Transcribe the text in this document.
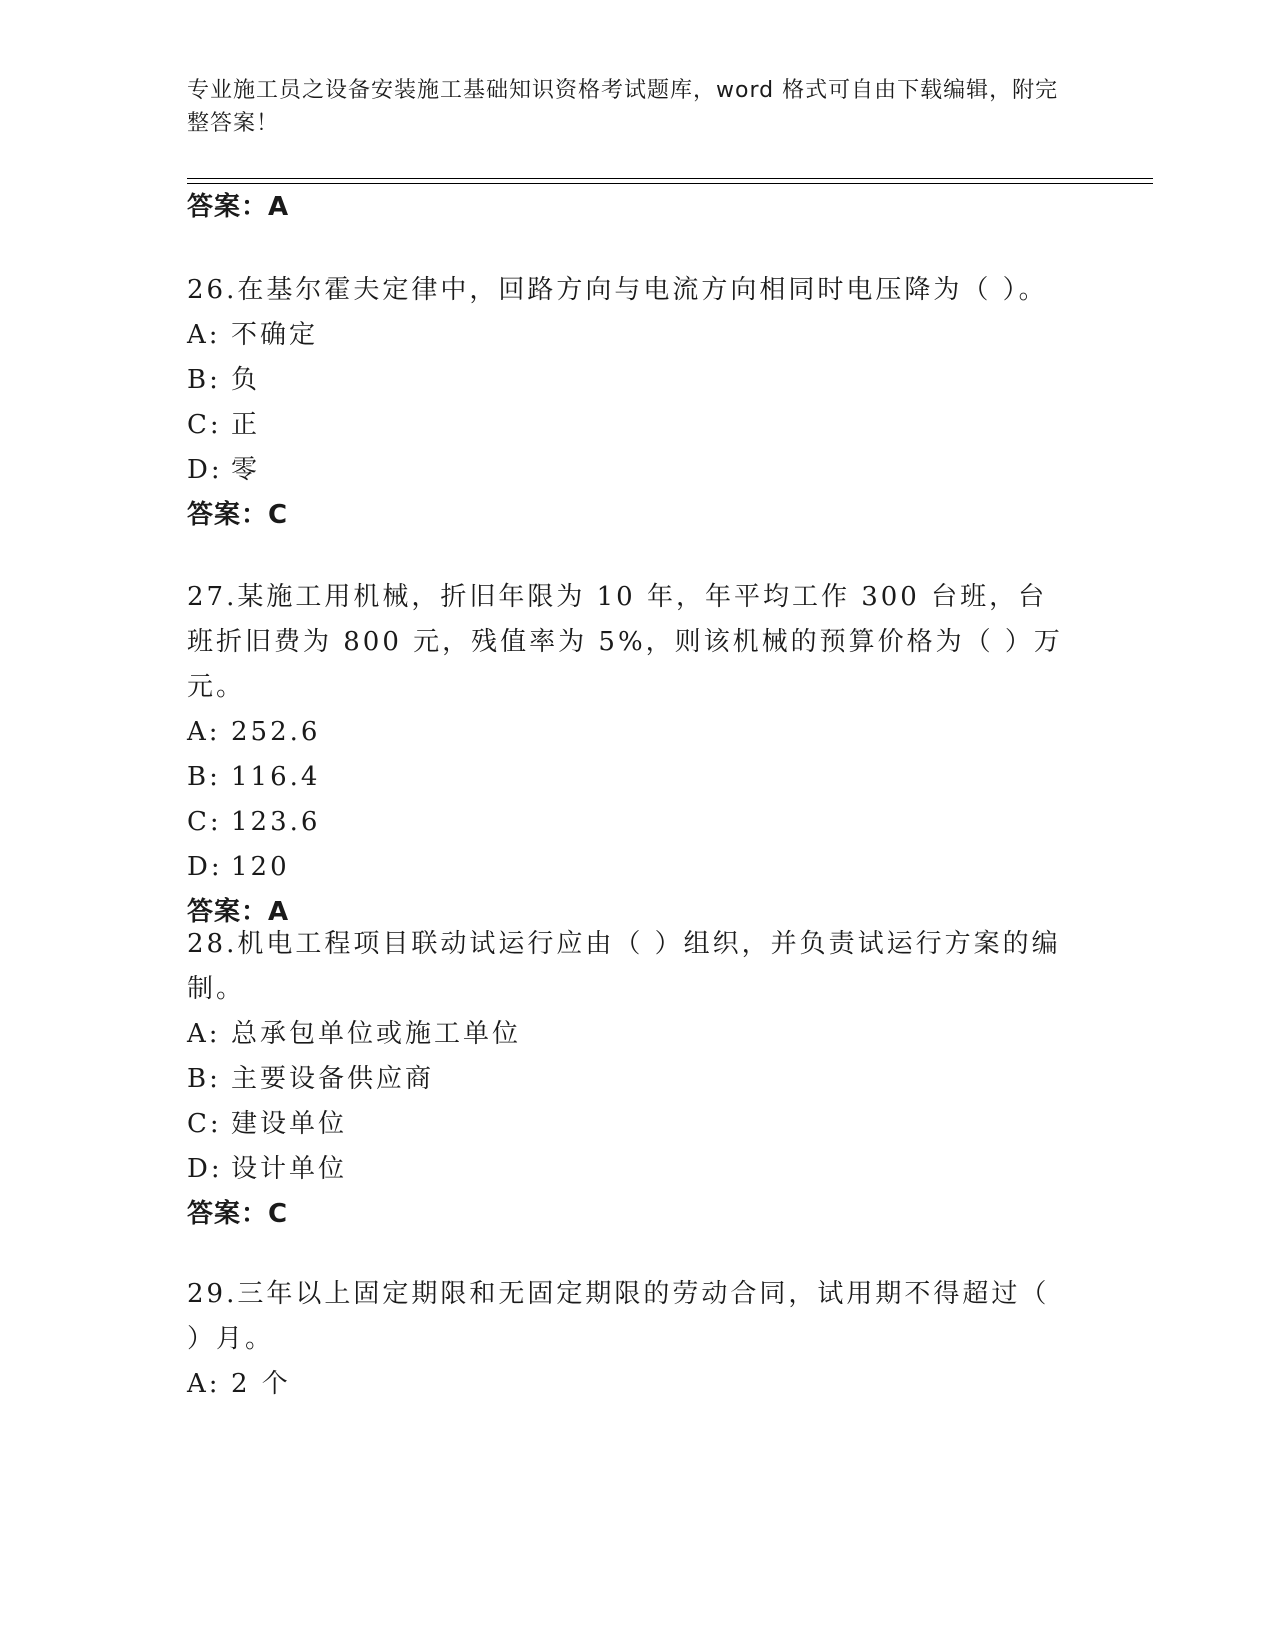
专业施工员之设备安装施工基础知识资格考试题库，word 格式可自由下载编辑，附完整答案！
答案：A
26.在基尔霍夫定律中，回路方向与电流方向相同时电压降为（ ）。
A: 不确定
B: 负
C: 正
D: 零
答案：C
27.某施工用机械，折旧年限为 10 年，年平均工作 300 台班，台班折旧费为 800 元，残值率为 5%，则该机械的预算价格为（ ）万元。
A: 252.6
B: 116.4
C: 123.6
D: 120
答案：A
28.机电工程项目联动试运行应由（ ）组织，并负责试运行方案的编制。
A: 总承包单位或施工单位
B: 主要设备供应商
C: 建设单位
D: 设计单位
答案：C
29.三年以上固定期限和无固定期限的劳动合同，试用期不得超过（ ）月。
A: 2 个
